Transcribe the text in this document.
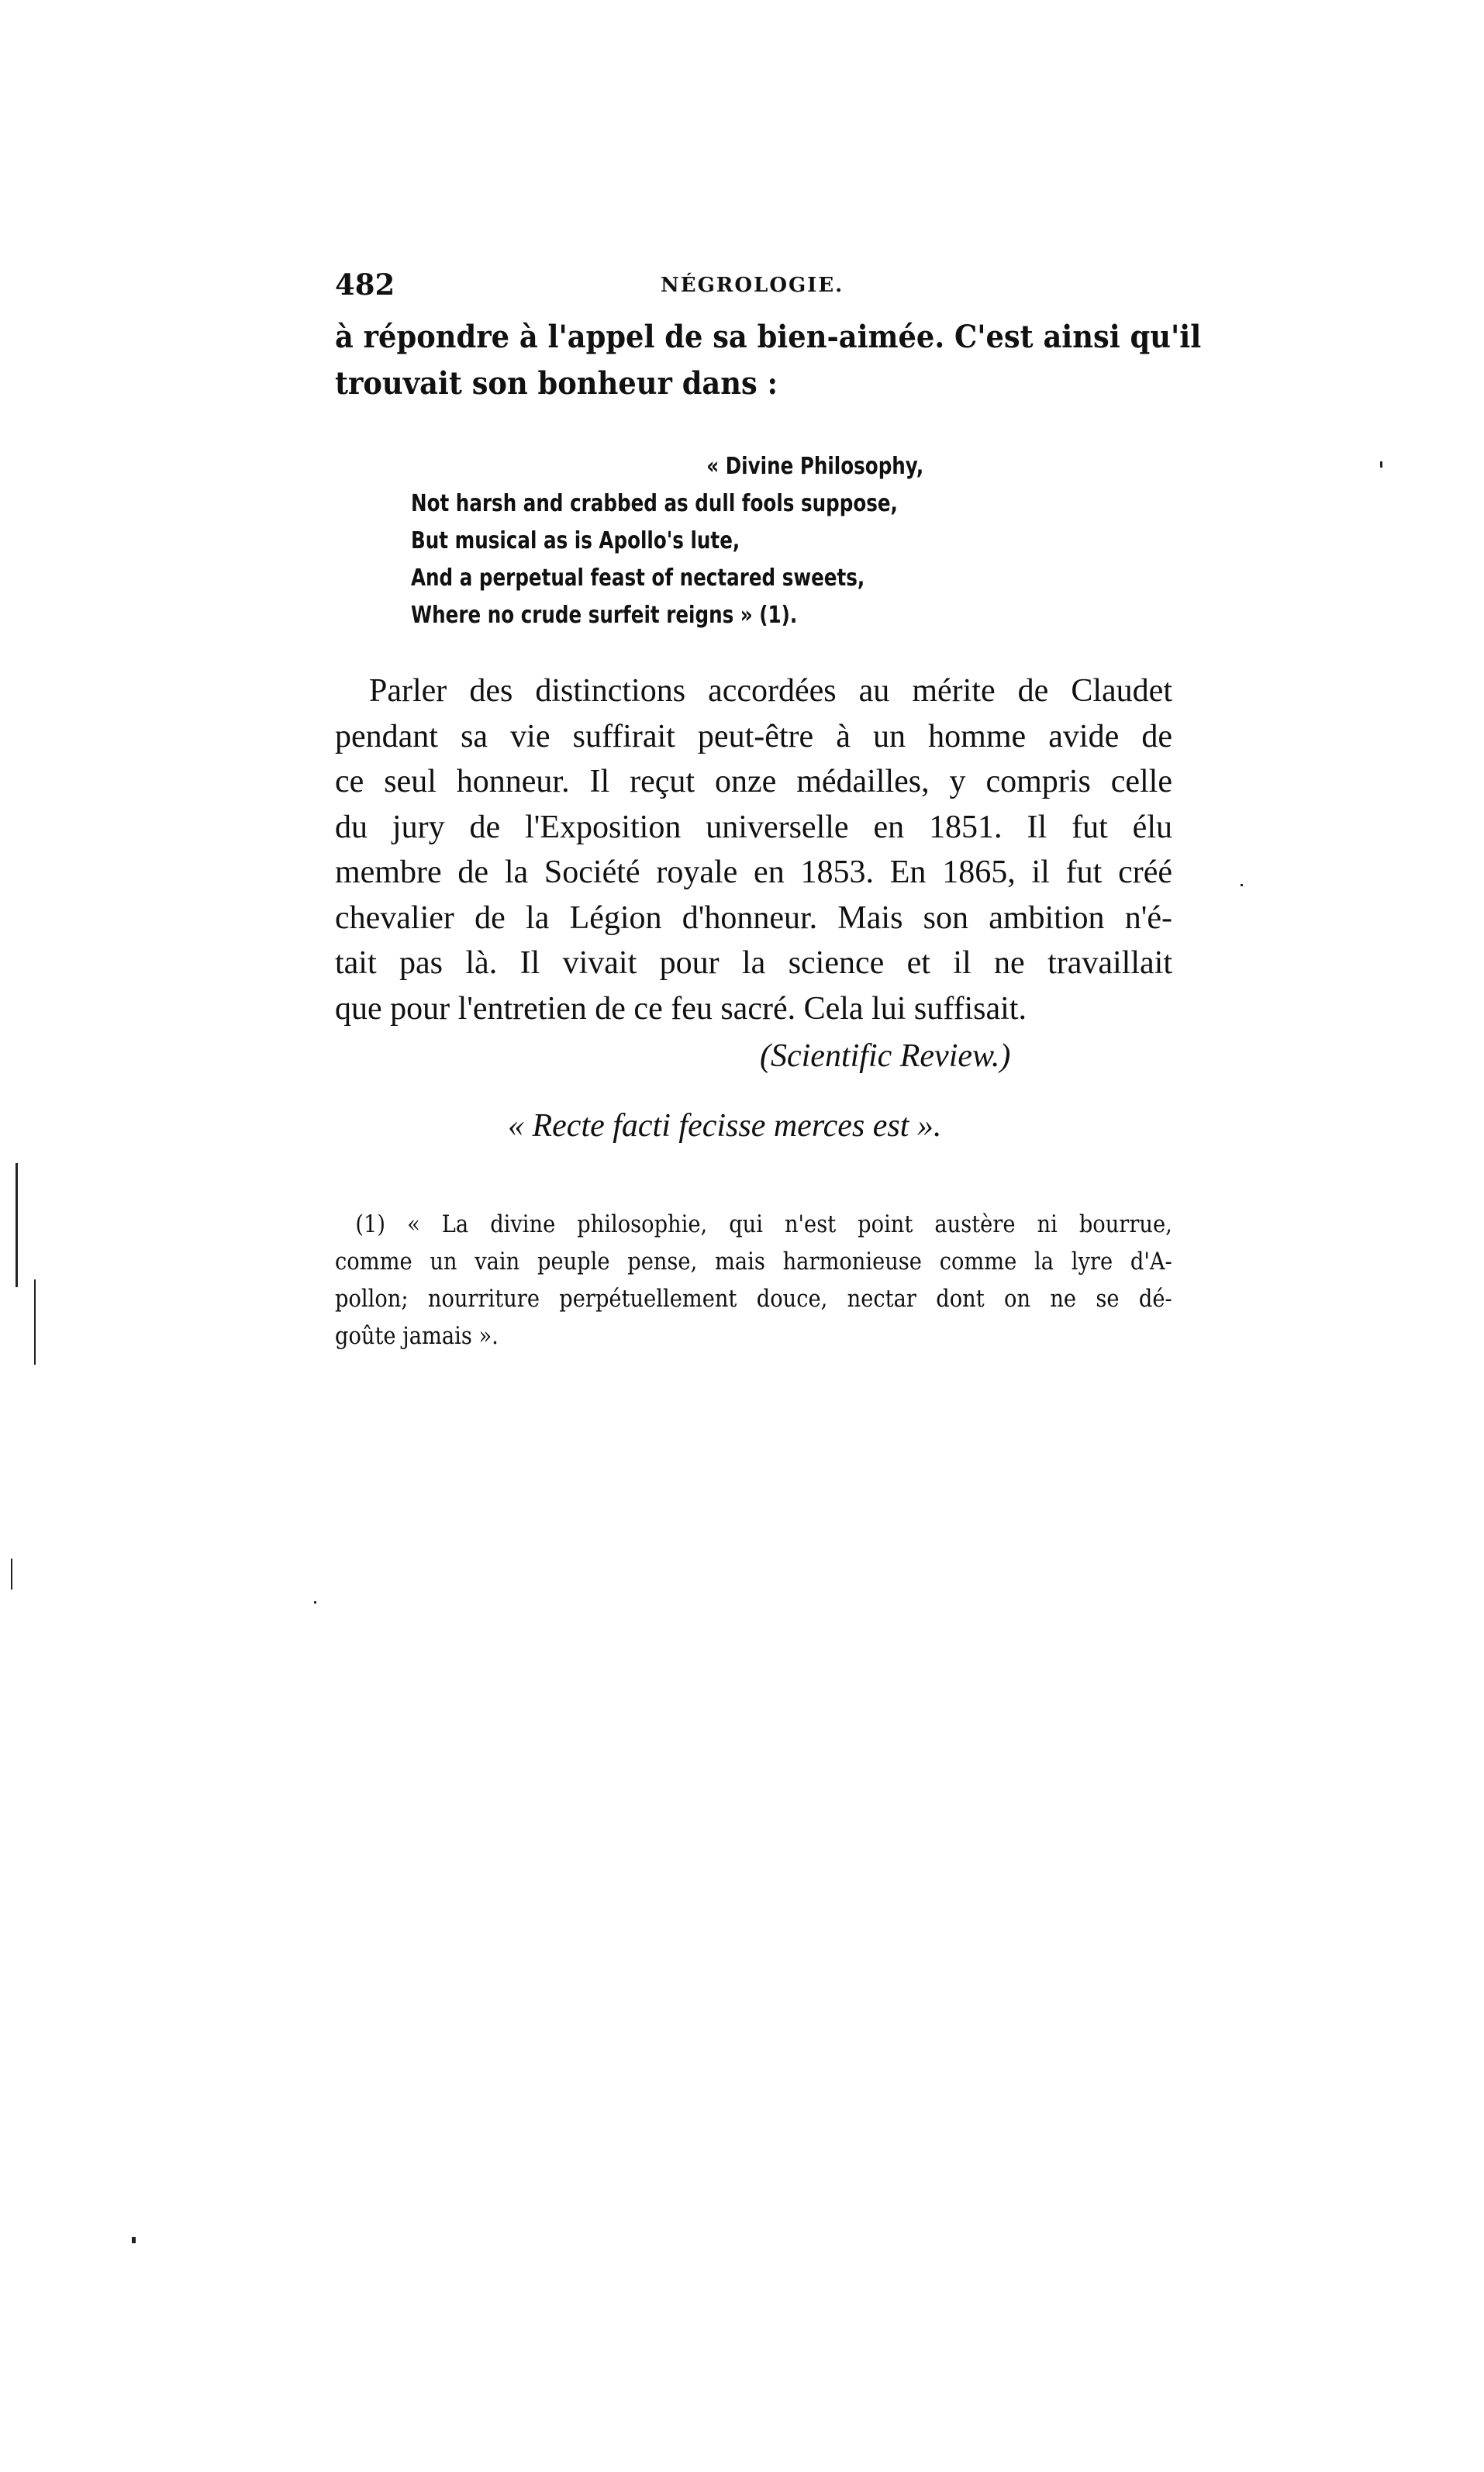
482	NÉGROLOGIE.
à répondre à l'appel de sa bien-aimée. C'est ainsi qu'il
trouvait son bonheur dans :
« Divine Philosophy,
Not harsh and crabbed as dull fools suppose,
But musical as is Apollo's lute,
And a perpetual feast of nectared sweets,
Where no crude surfeit reigns » (1).
Parler des distinctions accordées au mérite de Claudet
pendant sa vie suffirait peut-être à un homme avide de
ce seul honneur. Il reçut onze médailles, y compris celle
du jury de l'Exposition universelle en 1851. Il fut élu
membre de la Société royale en 1853. En 1865, il fut créé
chevalier de la Légion d'honneur. Mais son ambition n'é-
tait pas là. Il vivait pour la science et il ne travaillait
que pour l'entretien de ce feu sacré. Cela lui suffisait.
(Scientific Review.)
« Recte facti fecisse merces est ».
(1) « La divine philosophie, qui n'est point austère ni bourrue,
comme un vain peuple pense, mais harmonieuse comme la lyre d'A-
pollon; nourriture perpétuellement douce, nectar dont on ne se dé-
goûte jamais ».
